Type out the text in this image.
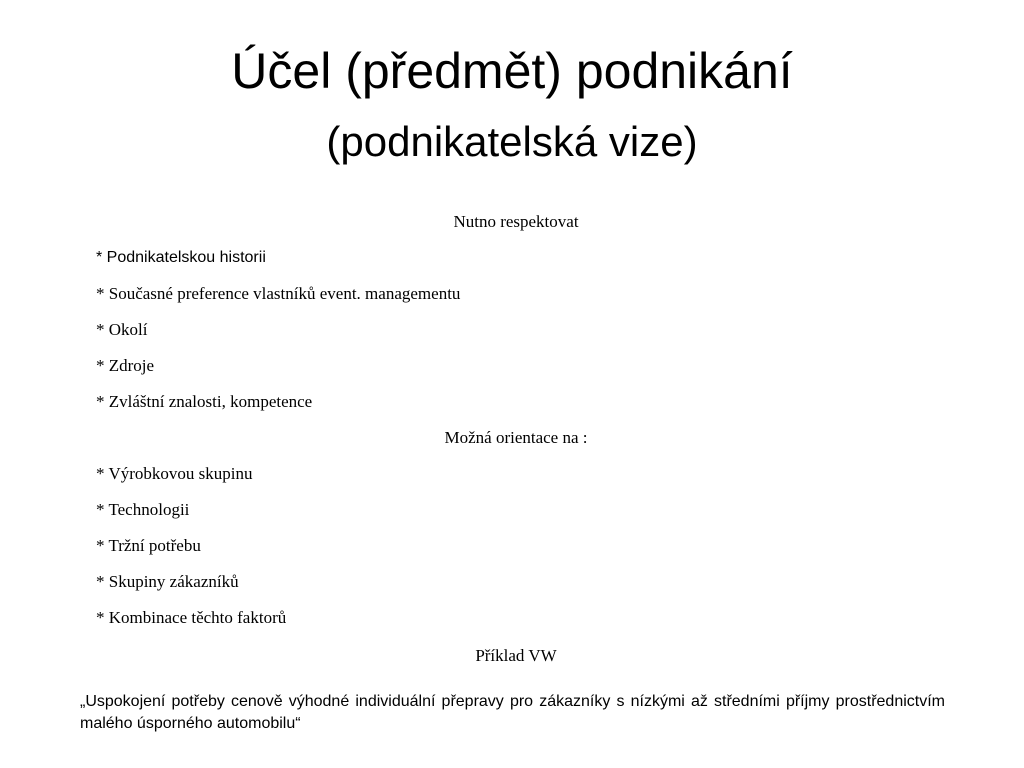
Účel (předmět) podnikání
(podnikatelská vize)
Nutno respektovat
* Podnikatelskou historii
* Současné preference vlastníků event. managementu
* Okolí
* Zdroje
* Zvláštní znalosti, kompetence
Možná orientace na :
* Výrobkovou skupinu
* Technologii
* Tržní potřebu
* Skupiny zákazníků
* Kombinace těchto faktorů
Příklad VW
„Uspokojení potřeby cenově výhodné individuální přepravy pro zákazníky s nízkými až středními příjmy prostřednictvím malého úsporného automobilu“
